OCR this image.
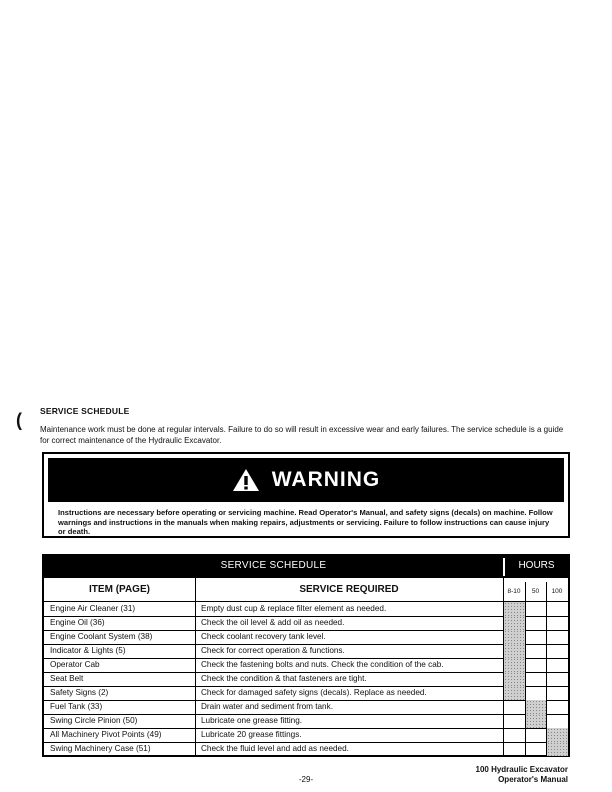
( SERVICE SCHEDULE
Maintenance work must be done at regular intervals. Failure to do so will result in excessive wear and early failures. The service schedule is a guide for correct maintenance of the Hydraulic Excavator.
WARNING
Instructions are necessary before operating or servicing machine. Read Operator's Manual, and safety signs (decals) on machine. Follow warnings and instructions in the manuals when making repairs, adjustments or servicing. Failure to follow instructions can cause injury or death.
SERVICE SCHEDULE	HOURS
ITEM (PAGE)	SERVICE REQUIRED	8-10	50	100
Engine Air Cleaner (31)	Empty dust cup & replace filter element as needed.
Engine Oil (36)	Check the oil level & add oil as needed.
Engine Coolant System (38)	Check coolant recovery tank level.
Indicator & Lights (5)	Check for correct operation & functions.
Operator Cab	Check the fastening bolts and nuts. Check the condition of the cab.
Seat Belt	Check the condition & that fasteners are tight.
Safety Signs (2)	Check for damaged safety signs (decals). Replace as needed.
Fuel Tank (33)	Drain water and sediment from tank.
Swing Circle Pinion (50)	Lubricate one grease fitting.
All Machinery Pivot Points (49)	Lubricate 20 grease fittings.
Swing Machinery Case (51)	Check the fluid level and add as needed.
-29-
100 Hydraulic Excavator
Operator's Manual
